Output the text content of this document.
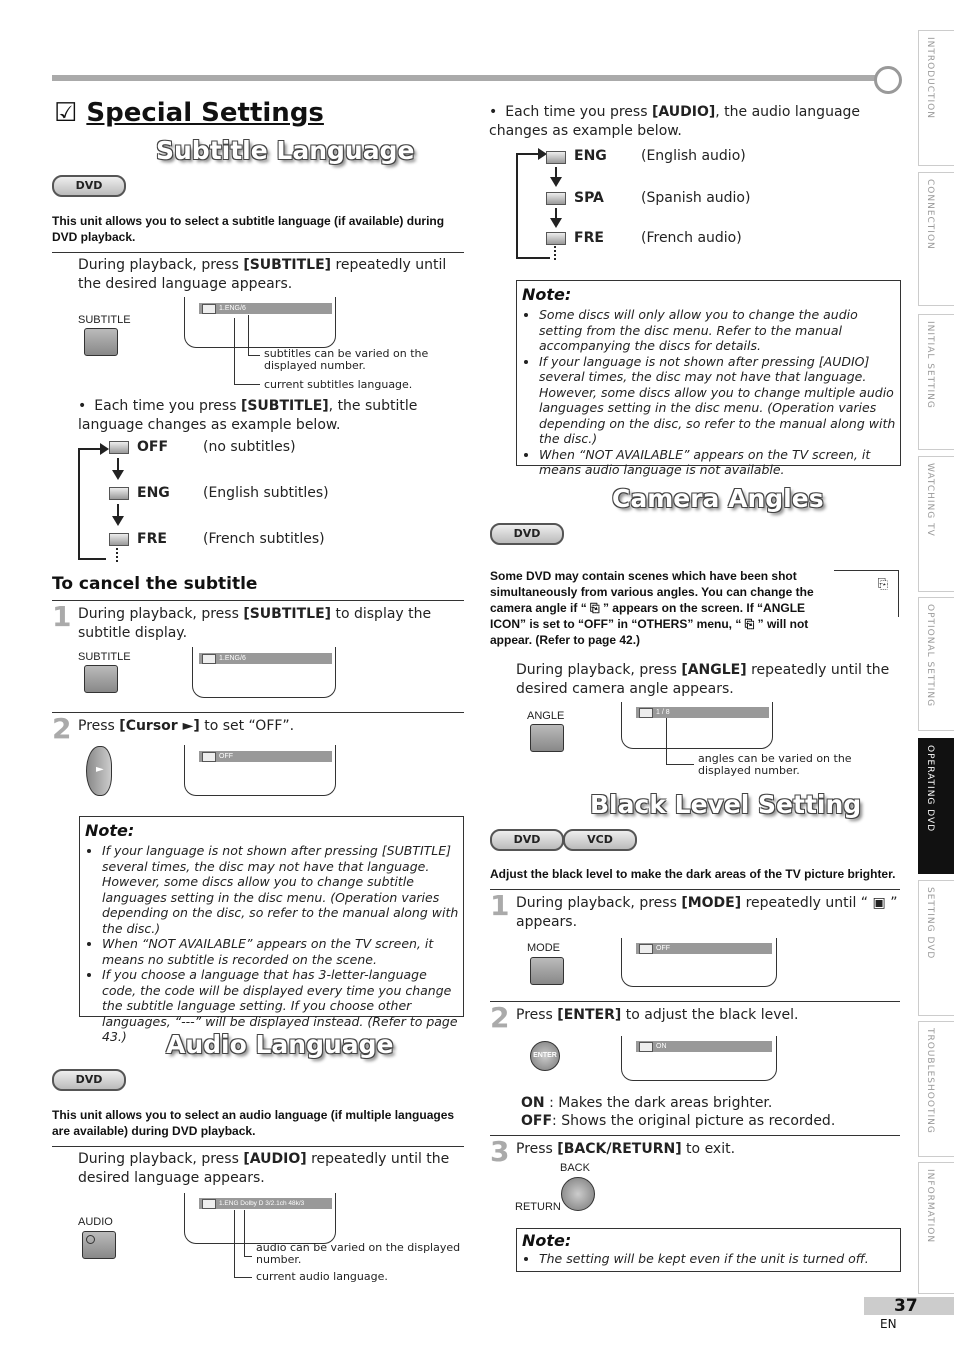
☑ Special Settings
Subtitle Language
DVD
This unit allows you to select a subtitle language (if available) during DVD playback.
During playback, press [SUBTITLE] repeatedly until the desired language appears.
SUBTITLE
1.ENG/6
subtitles can be varied on the displayed number.
current subtitles language.
• Each time you press [SUBTITLE], the subtitle language changes as example below.
OFF (no subtitles)
ENG (English subtitles)
FRE	(French subtitles)
To cancel the subtitle
1 During playback, press [SUBTITLE] to display the subtitle display.
SUBTITLE	1.ENG/6
2 Press [Cursor ►] to set “OFF”.
►
OFF
Note:
• If your language is not shown after pressing [SUBTITLE] several times, the disc may not have that language. However, some discs allow you to change subtitle languages setting in the disc menu. (Operation varies depending on the disc, so refer to the manual along with the disc.)
• When “NOT AVAILABLE” appears on the TV screen, it means no subtitle is recorded on the scene.
• If you choose a language that has 3-letter-language code, the code will be displayed every time you change the subtitle language setting. If you choose other languages, “---” will be displayed instead. (Refer to page 43.)	Audio Language
DVD
This unit allows you to select an audio language (if multiple languages are available) during DVD playback.
During playback, press [AUDIO] repeatedly until the desired language appears.
AUDIO
1.ENG Dolby D 3/2.1ch 48k/3
audio can be varied on the displayed number.
current audio language.
• Each time you press [AUDIO], the audio language changes as example below.
ENG (English audio)
SPA	(Spanish audio)
FRE	(French audio)
Note:
• Some discs will only allow you to change the audio setting from the disc menu. Refer to the manual accompanying the discs for details.
• If your language is not shown after pressing [AUDIO] several times, the disc may not have that language. However, some discs allow you to change multiple audio languages setting in the disc menu. (Operation varies depending on the disc, so refer to the manual along with the disc.)
• When “NOT AVAILABLE” appears on the TV screen, it means audio language is not available.
Camera Angles
DVD
Some DVD may contain scenes which have been shot simultaneously from various angles. You can change the camera angle if “ ⎘ ” appears on the screen. If “ANGLE ICON” is set to “OFF” in “OTHERS” menu, “ ⎘ ” will not appear. (Refer to page 42.)
⎘
During playback, press [ANGLE] repeatedly until the desired camera angle appears.
ANGLE	1 / 8
angles can be varied on the displayed number.
Black Level Setting
DVD	VCD
Adjust the black level to make the dark areas of the TV picture brighter.
1 During playback, press [MODE] repeatedly until “ ▣ ” appears.
MODE	OFF
2 Press [ENTER] to adjust the black level.
ENTER
ON
ON : Makes the dark areas brighter.
OFF: Shows the original picture as recorded.
3 Press [BACK/RETURN] to exit.
BACK
RETURN
Note:
• The setting will be kept even if the unit is turned off.
INTRODUCTION
CONNECTION
INITIAL SETTING
WATCHING TV
OPTIONAL SETTING
OPERATING DVD
SETTING DVD
TROUBLESHOOTING
INFORMATION
37
EN
